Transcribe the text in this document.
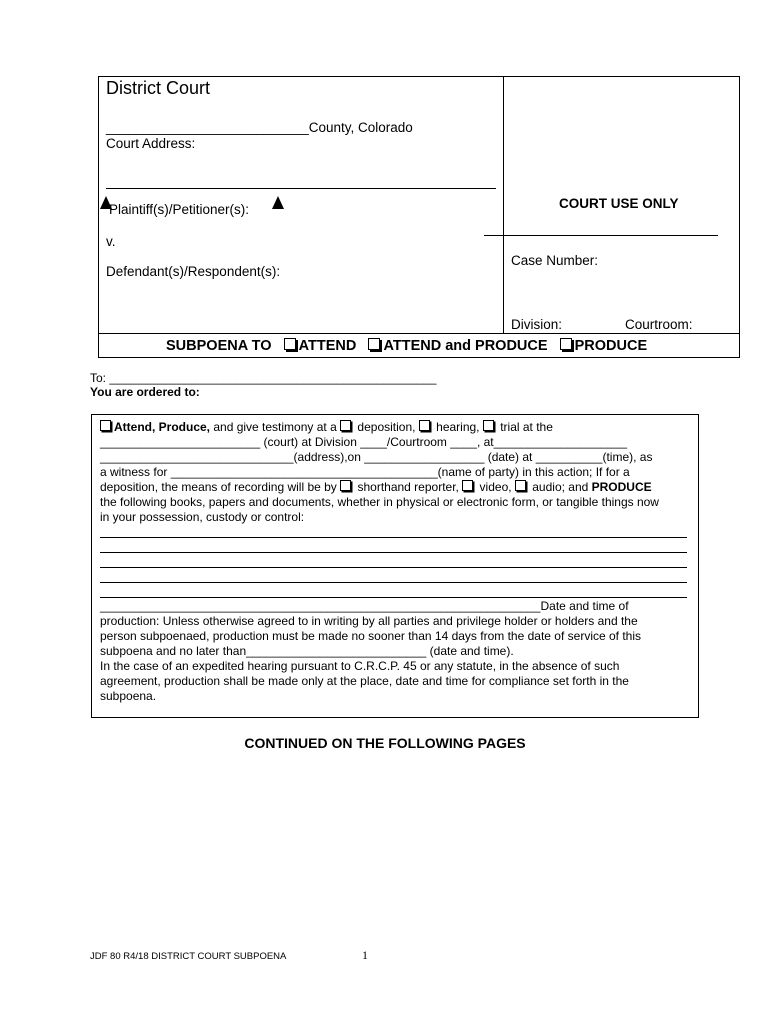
District Court
___________________________County, Colorado
Court Address:
Plaintiff(s)/Petitioner(s):
v.
Defendant(s)/Respondent(s):
COURT USE ONLY
Case Number:
Division:	Courtroom:
SUBPOENA TO ATTEND ATTEND and PRODUCE PRODUCE
To: _________________________________________________
You are ordered to:
Attend, Produce, and give testimony at a  deposition,  hearing,  trial at the
________________________ (court) at Division ____/Courtroom ____, at____________________
_____________________________(address),on __________________ (date) at __________(time), as
a witness for ________________________________________(name of party) in this action; If for a
deposition, the means of recording will be by  shorthand reporter,  video,  audio; and PRODUCE
the following books, papers and documents, whether in physical or electronic form, or tangible things now
in your possession, custody or control:
__________________________________________________________________Date and time of
production: Unless otherwise agreed to in writing by all parties and privilege holder or holders and the
person subpoenaed, production must be made no sooner than 14 days from the date of service of this
subpoena and no later than___________________________ (date and time).
In the case of an expedited hearing pursuant to C.R.C.P. 45 or any statute, in the absence of such
agreement, production shall be made only at the place, date and time for compliance set forth in the
subpoena.
CONTINUED ON THE FOLLOWING PAGES
JDF 80 R4/18 DISTRICT COURT SUBPOENA	1
